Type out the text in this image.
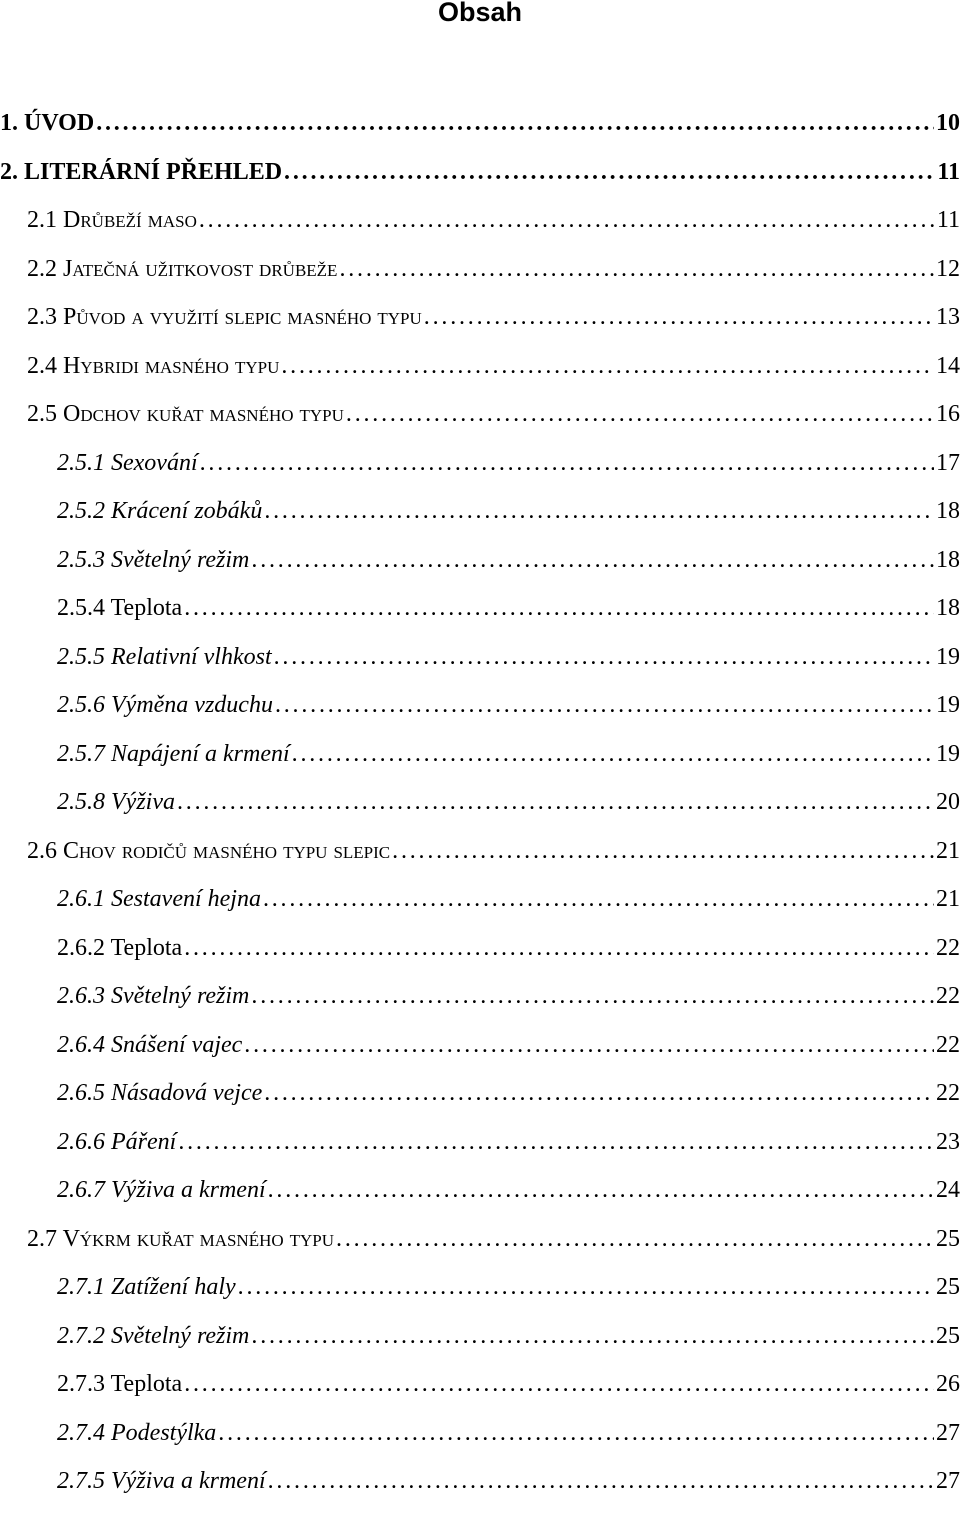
Obsah
1. ÚVOD . . .	10
2. LITERÁRNÍ PŘEHLED . . .	11
2.1 Drůbeží maso . . .	11
2.2 Jatečná užitkovost drůbeže . . .	12
2.3 Původ a využití slepic masného typu . . .	13
2.4 Hybridi masného typu . . .	14
2.5 Odchov kuřat masného typu . . .	16
2.5.1 Sexování . . .	17
2.5.2 Krácení zobáků . . .	18
2.5.3 Světelný režim . . .	18
2.5.4 Teplota . . .	18
2.5.5 Relativní vlhkost . . .	19
2.5.6 Výměna vzduchu . . .	19
2.5.7 Napájení a krmení . . .	19
2.5.8 Výživa . . .	20
2.6 Chov rodičů masného typu slepic . . .	21
2.6.1 Sestavení hejna . . .	21
2.6.2 Teplota . . .	22
2.6.3 Světelný režim . . .	22
2.6.4 Snášení vajec . . .	22
2.6.5 Násadová vejce . . .	22
2.6.6 Páření . . .	23
2.6.7 Výživa a krmení . . .	24
2.7 Výkrm kuřat masného typu . . .	25
2.7.1 Zatížení haly . . .	25
2.7.2 Světelný režim . . .	25
2.7.3 Teplota . . .	26
2.7.4 Podestýlka . . .	27
2.7.5 Výživa a krmení . . .	27
